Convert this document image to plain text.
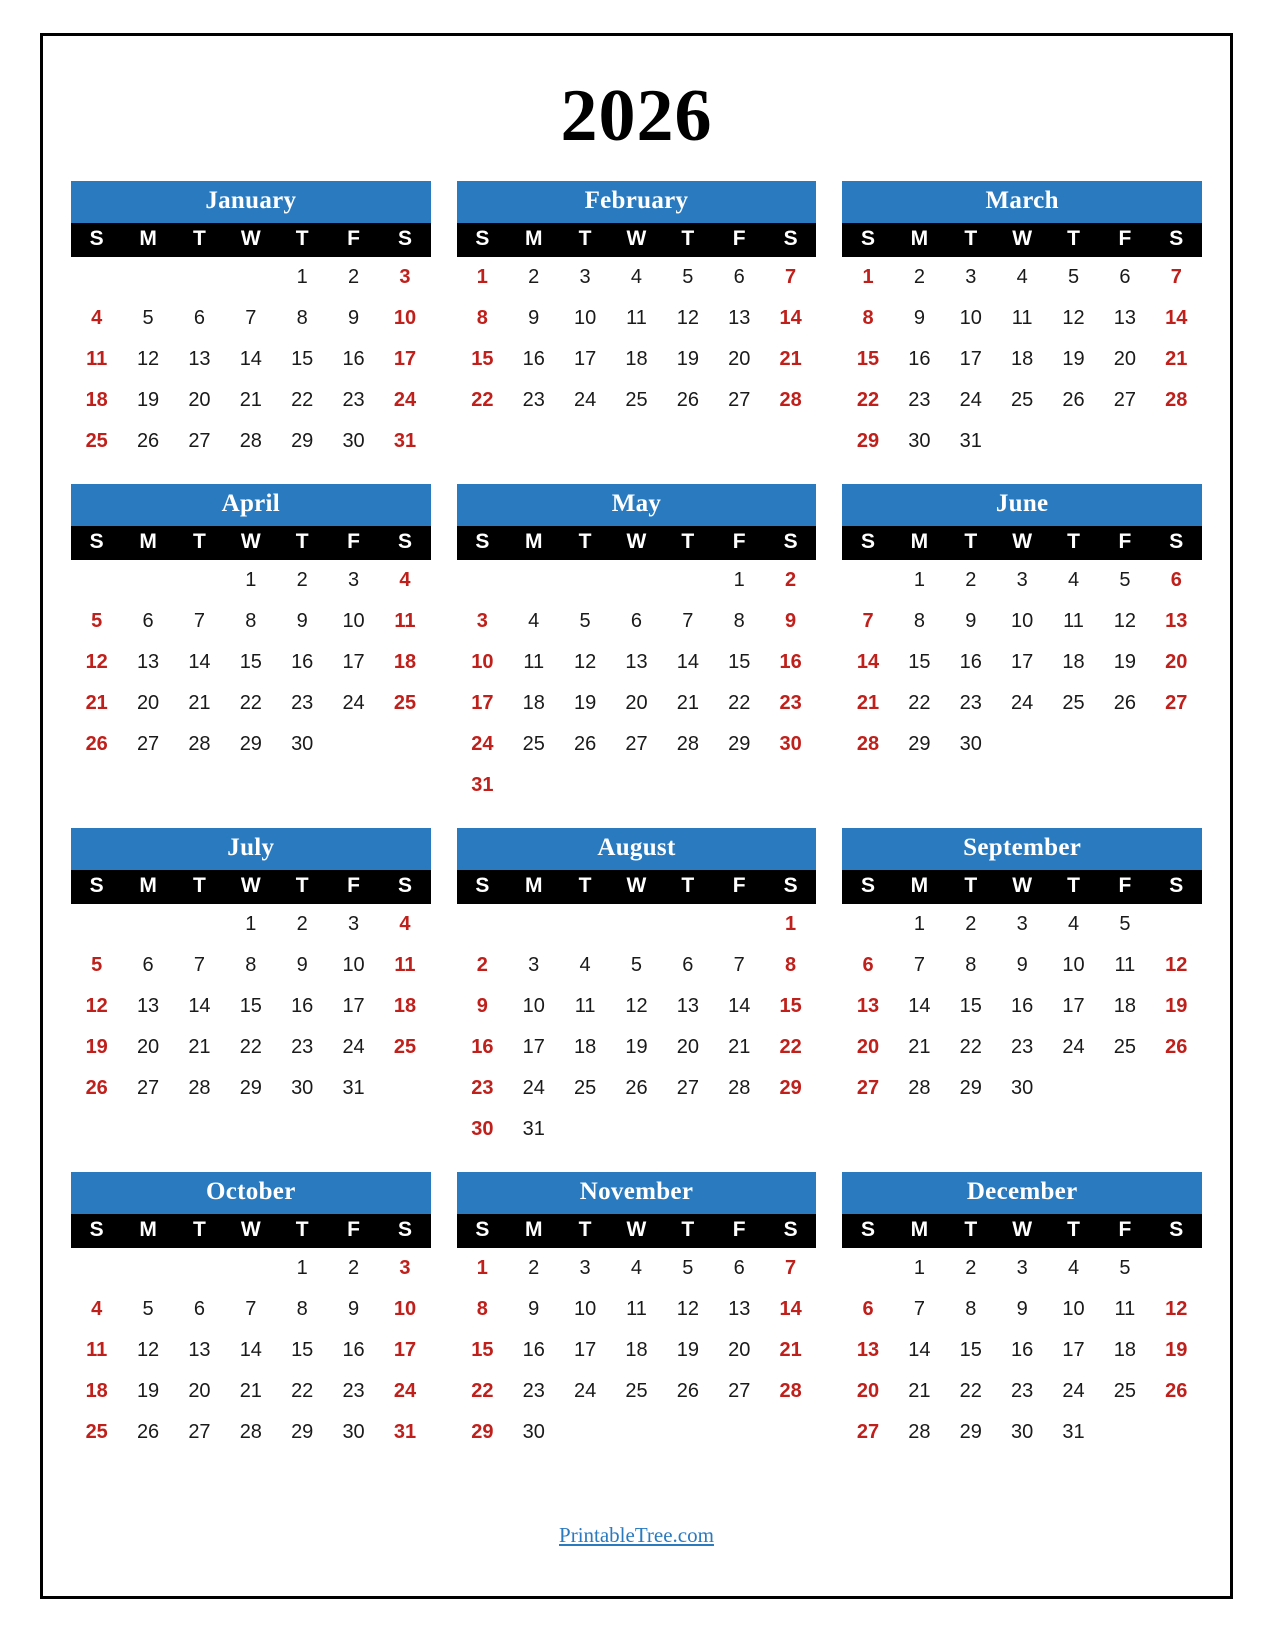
2026
January
S	M	T	W	T	F	S
				1	2	3
4	5	6	7	8	9	10
11	12	13	14	15	16	17
18	19	20	21	22	23	24
25	26	27	28	29	30	31
February
S	M	T	W	T	F	S
1	2	3	4	5	6	7
8	9	10	11	12	13	14
15	16	17	18	19	20	21
22	23	24	25	26	27	28
March
S	M	T	W	T	F	S
1	2	3	4	5	6	7
8	9	10	11	12	13	14
15	16	17	18	19	20	21
22	23	24	25	26	27	28
29	30	31				
April
S	M	T	W	T	F	S
			1	2	3	4
5	6	7	8	9	10	11
12	13	14	15	16	17	18
21	20	21	22	23	24	25
26	27	28	29	30		
May
S	M	T	W	T	F	S
					1	2
3	4	5	6	7	8	9
10	11	12	13	14	15	16
17	18	19	20	21	22	23
24	25	26	27	28	29	30
31						
June
S	M	T	W	T	F	S
	1	2	3	4	5	6
7	8	9	10	11	12	13
14	15	16	17	18	19	20
21	22	23	24	25	26	27
28	29	30				
July
S	M	T	W	T	F	S
			1	2	3	4
5	6	7	8	9	10	11
12	13	14	15	16	17	18
19	20	21	22	23	24	25
26	27	28	29	30	31	
August
S	M	T	W	T	F	S
						1
2	3	4	5	6	7	8
9	10	11	12	13	14	15
16	17	18	19	20	21	22
23	24	25	26	27	28	29
30	31					
September
S	M	T	W	T	F	S
	1	2	3	4	5	
6	7	8	9	10	11	12
13	14	15	16	17	18	19
20	21	22	23	24	25	26
27	28	29	30			
October
S	M	T	W	T	F	S
				1	2	3
4	5	6	7	8	9	10
11	12	13	14	15	16	17
18	19	20	21	22	23	24
25	26	27	28	29	30	31
November
S	M	T	W	T	F	S
1	2	3	4	5	6	7
8	9	10	11	12	13	14
15	16	17	18	19	20	21
22	23	24	25	26	27	28
29	30					
December
S	M	T	W	T	F	S
	1	2	3	4	5	
6	7	8	9	10	11	12
13	14	15	16	17	18	19
20	21	22	23	24	25	26
27	28	29	30	31		
PrintableTree.com
